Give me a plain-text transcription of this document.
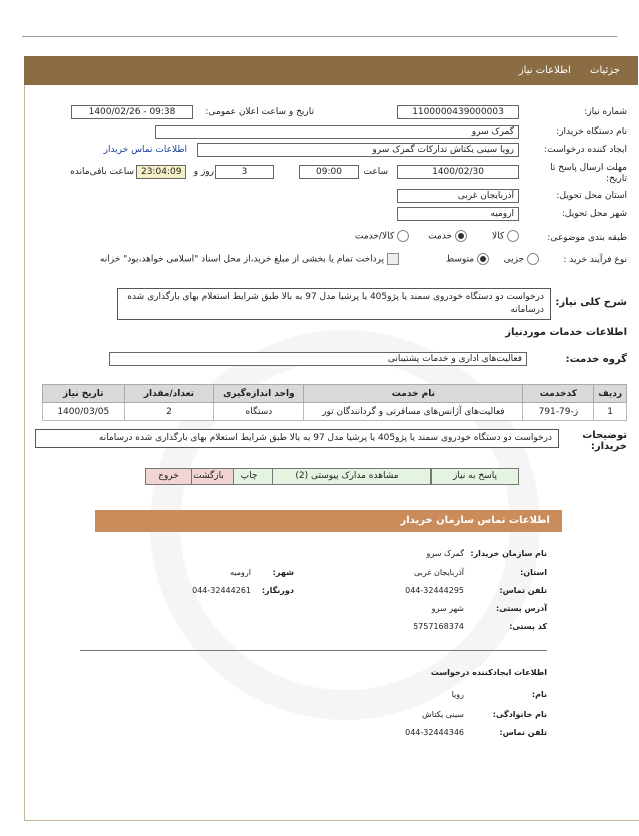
جزئیات اطلاعات نیاز
شماره نیاز:
1100000439000003
تاریخ و ساعت اعلان عمومی:
1400/02/26 - 09:38
نام دستگاه خریدار:
گمرک سرو
ایجاد کننده درخواست:
رویا سینی یکتاش تدارکات گمرک سرو
اطلاعات تماس خریدار
مهلت ارسال پاسخ تا تاریخ:
1400/02/30
ساعت
09:00
3
روز و
23:04:09
ساعت باقی‌مانده
استان محل تحویل:
آذربایجان غربی
شهر محل تحویل:
ارومیه
طبقه بندی موضوعی:
کالا
خدمت
کالا/خدمت
نوع فرآیند خرید :
جزیی
متوسط
پرداخت تمام یا بخشی از مبلغ خرید،از محل اسناد "اسلامی خواهد،بود" خزانه
شرح کلی نیاز:
درخواست دو دستگاه خودروی سمند یا پژو405 یا پرشیا مدل 97 به بالا طبق شرایط استعلام بهای بارگذاری شده درسامانه
اطلاعات خدمات موردنیاز
گروه خدمت:
فعالیت‌های اداری و خدمات پشتیبانی
ردیف	کدخدمت	نام خدمت	واحد اندازه‌گیری	تعداد/مقدار	تاریخ نیاز
1	ز-79-791	فعالیت‌های آژانس‌های مسافرتی و گردانندگان تور	دستگاه	2	1400/03/05
توضیحات خریدار:
درخواست دو دستگاه خودروی سمند یا پژو405 یا پرشیا مدل 97 به بالا طبق شرایط استعلام بهای بارگذاری شده درسامانه
پاسخ به نیاز
مشاهده مدارک پیوستی (2)
چاپ
بازگشت
خروج
اطلاعات تماس سازمان خریدار
نام سازمان خریدار:
گمرک سرو
استان:
آذربایجان غربی
شهر:
ارومیه
تلفن تماس:
044-32444295
دورنگار:
044-32444261
آدرس پستی:
شهر سرو
کد پستی:
5757168374
اطلاعات ایجادکننده درخواست
نام:
رویا
نام خانوادگی:
سینی یکتاش
تلفن تماس:
044-32444346
